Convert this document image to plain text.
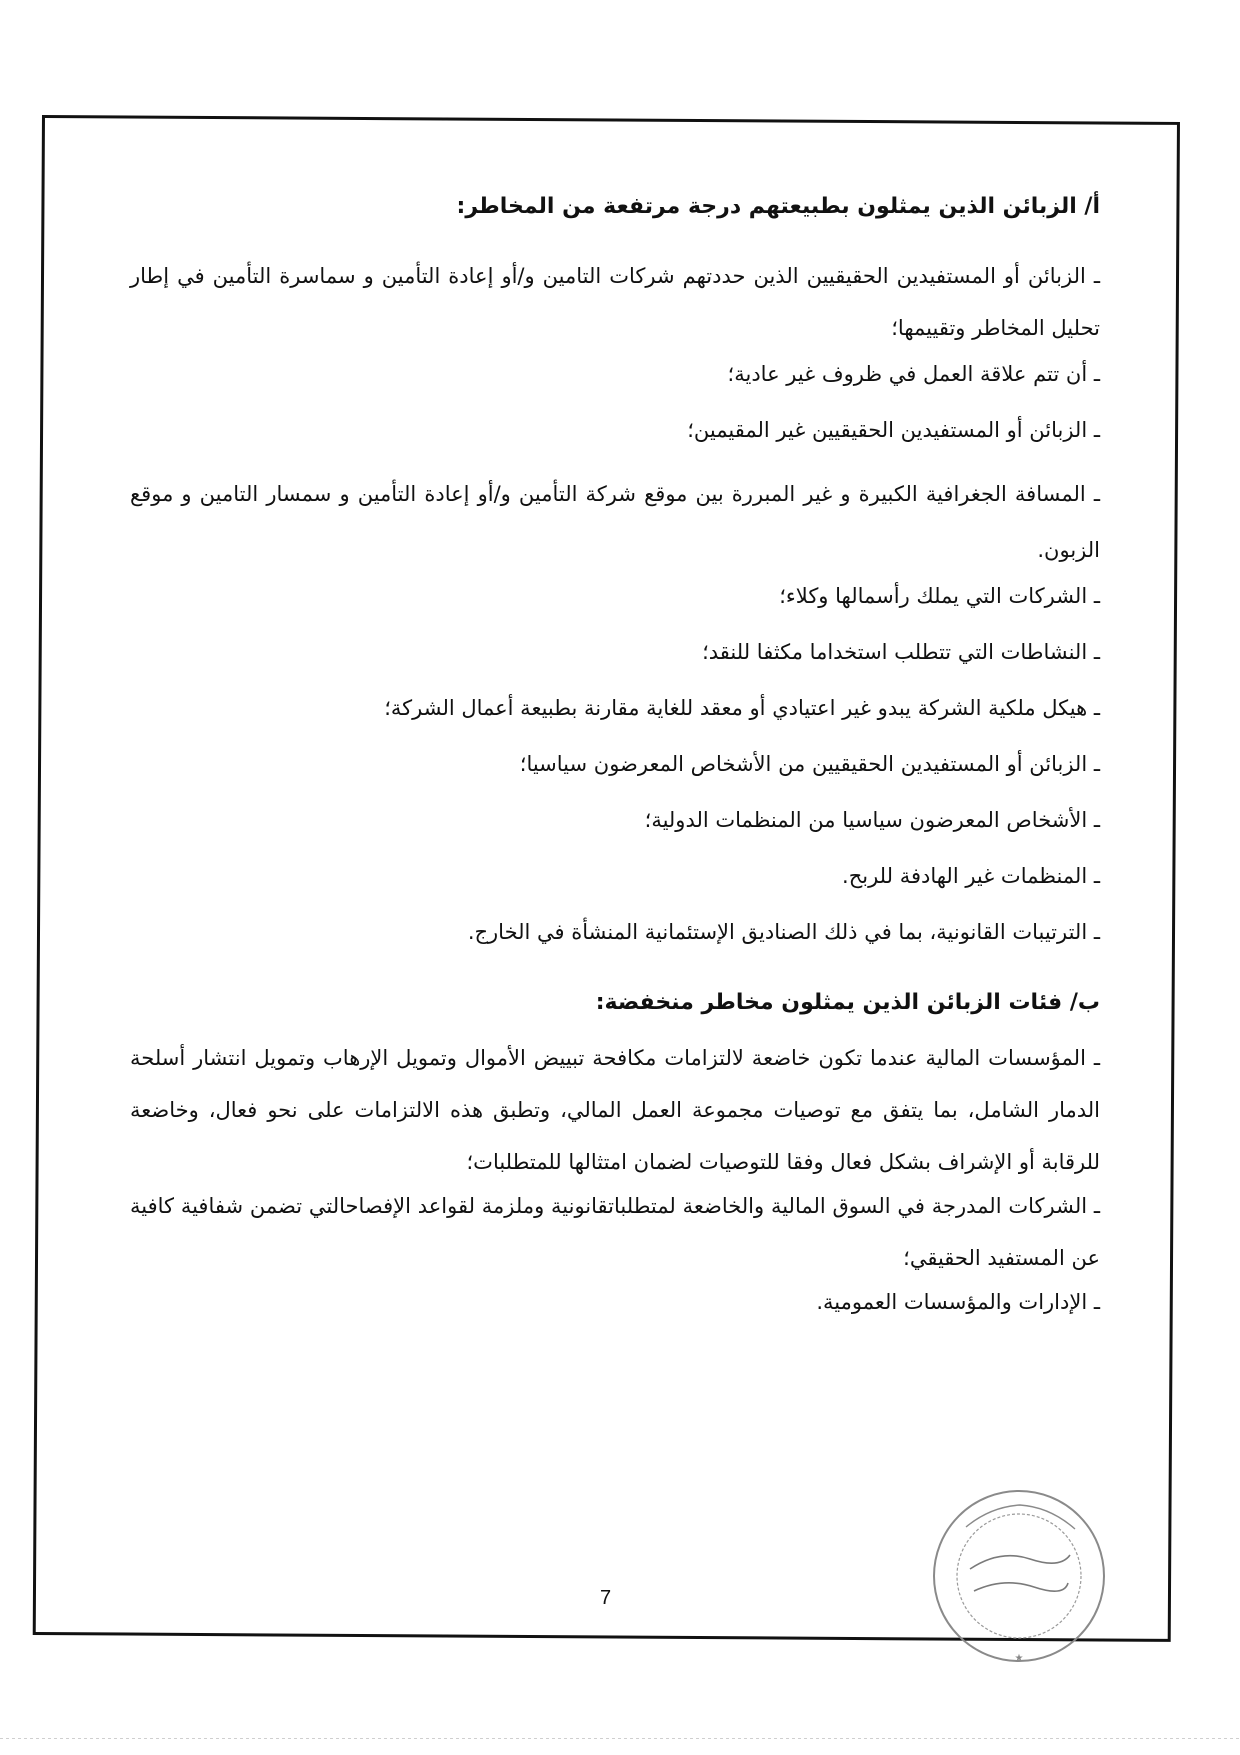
أ/ الزبائن الذين يمثلون بطبيعتهم درجة مرتفعة من المخاطر:

ـ الزبائن أو المستفيدين الحقيقيين الذين حددتهم شركات التامين و/أو إعادة التأمين و سماسرة التأمين في إطار تحليل المخاطر وتقييمها؛

ـ أن تتم علاقة العمل في ظروف غير عادية؛

ـ الزبائن أو المستفيدين الحقيقيين غير المقيمين؛

ـ المسافة الجغرافية الكبيرة و غير المبررة بين موقع شركة التأمين و/أو إعادة التأمين و سمسار التامين و موقع الزبون.

ـ الشركات التي يملك رأسمالها وكلاء؛

ـ النشاطات التي تتطلب استخداما مكثفا للنقد؛

ـ هيكل ملكية الشركة يبدو غير اعتيادي أو معقد للغاية مقارنة بطبيعة أعمال الشركة؛

ـ الزبائن أو المستفيدين الحقيقيين من الأشخاص المعرضون سياسيا؛

ـ الأشخاص المعرضون سياسيا من المنظمات الدولية؛

ـ المنظمات غير الهادفة للربح.

ـ الترتيبات القانونية، بما في ذلك الصناديق الإستئمانية المنشأة في الخارج.

ب/ فئات الزبائن الذين يمثلون مخاطر منخفضة:

ـ المؤسسات المالية عندما تكون خاضعة لالتزامات مكافحة تبييض الأموال وتمويل الإرهاب وتمويل انتشار أسلحة الدمار الشامل، بما يتفق مع توصيات مجموعة العمل المالي، وتطبق هذه الالتزامات على نحو فعال، وخاضعة للرقابة أو الإشراف بشكل فعال وفقا للتوصيات لضمان امتثالها للمتطلبات؛

ـ الشركات المدرجة في السوق المالية والخاضعة لمتطلباتقانونية وملزمة لقواعد الإفصاحالتي تضمن شفافية كافية عن المستفيد الحقيقي؛

ـ الإدارات والمؤسسات العمومية.

7
★
